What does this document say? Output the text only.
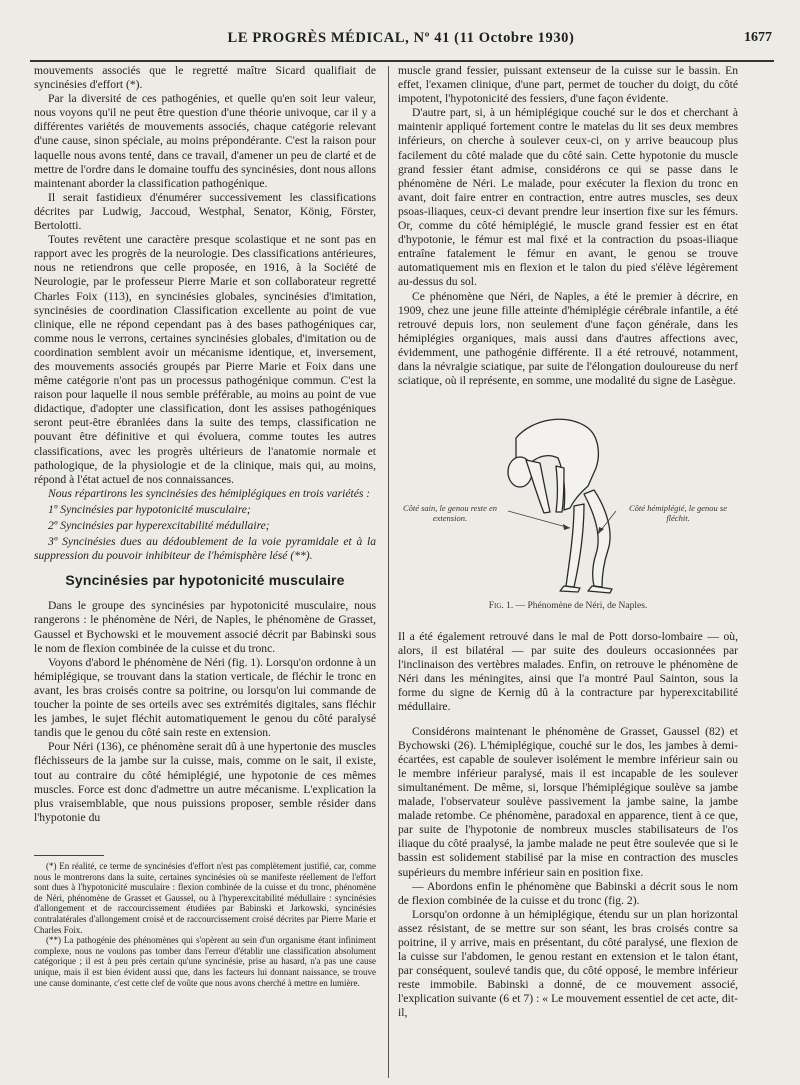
LE PROGRÈS MÉDICAL, Nº 41 (11 Octobre 1930)	1677

mouvements associés que le regretté maître Sicard qualifiait de syncinésies d'effort (*).

Par la diversité de ces pathogénies, et quelle qu'en soit leur valeur, nous voyons qu'il ne peut être question d'une théorie univoque, car il y a différentes variétés de mouvements associés, chaque catégorie relevant d'une cause, sinon spéciale, au moins prépondérante. C'est la raison pour laquelle nous avons tenté, dans ce travail, d'amener un peu de clarté et de mettre de l'ordre dans le domaine touffu des syncinésies, dont nous allons maintenant aborder la classification pathogénique.

Il serait fastidieux d'énumérer successivement les classifications décrites par Ludwig, Jaccoud, Westphal, Senator, König, Förster, Bertolotti.

Toutes revêtent une caractère presque scolastique et ne sont pas en rapport avec les progrès de la neurologie. Des classifications antérieures, nous ne retiendrons que celle proposée, en 1916, à la Société de Neurologie, par le professeur Pierre Marie et son collaborateur regretté Charles Foix (113), en syncinésies globales, syncinésies d'imitation, syncinésies de coordination Classification excellente au point de vue clinique, elle ne répond cependant pas à des bases pathogéniques car, comme nous le verrons, certaines syncinésies globales, d'imitation ou de coordination semblent avoir un mécanisme identique, et, inversement, des mouvements associés groupés par Pierre Marie et Foix dans une même catégorie n'ont pas un processus pathogénique commun. C'est la raison pour laquelle il nous semble préférable, au moins au point de vue didactique, d'adopter une classification, dont les assises pathogéniques seront peut-être ébranlées dans la suite des temps, classification ne pouvant être définitive et qui évoluera, comme toutes les autres classifications, avec les progrès ultérieurs de l'anatomie normale et pathologique, de la physiologie et de la clinique, mais qui, au moins, répond à l'état actuel de nos connaissances.

Nous répartirons les syncinésies des hémiplégiques en trois variétés :

1º Syncinésies par hypotonicité musculaire;

2º Syncinésies par hyperexcitabilité médullaire;

3º Syncinésies dues au dédoublement de la voie pyramidale et à la suppression du pouvoir inhibiteur de l'hémisphère lésé (**).

Syncinésies par hypotonicité musculaire

Dans le groupe des syncinésies par hypotonicité musculaire, nous rangerons : le phénomène de Néri, de Naples, le phénomène de Grasset, Gaussel et Bychowski et le mouvement associé décrit par Babinski sous le nom de flexion combinée de la cuisse et du tronc.

Voyons d'abord le phénomène de Néri (fig. 1). Lorsqu'on ordonne à un hémiplégique, se trouvant dans la station verticale, de fléchir le tronc en avant, les bras croisés contre sa poitrine, ou lorsqu'on lui commande de toucher la pointe de ses orteils avec ses extrémités digitales, sans fléchir les jambes, le sujet fléchit automatiquement le genou du côté paralysé tandis que le genou du côté sain reste en extension.

Pour Néri (136), ce phénomène serait dû à une hypertonie des muscles fléchisseurs de la jambe sur la cuisse, mais, comme on le sait, il existe, tout au contraire du côté hémiplégié, une hypotonie de ces mêmes muscles. Force est donc d'admettre un autre mécanisme. L'explication la plus vraisemblable, que nous puissions proposer, semble résider dans l'hypotonie du

(*) En réalité, ce terme de syncinésies d'effort n'est pas complètement justifié, car, comme nous le montrerons dans la suite, certaines syncinésies où se manifeste réellement de l'effort sont dues à l'hypotonicité musculaire : flexion combinée de la cuisse et du tronc, phénomène de Néri, phénomène de Grasset et Gaussel, ou à l'hyperexcitabilité médullaire : syncinésies d'allongement et de raccourcissement étudiées par Babinski et Jarkowski, syncinésies contralatérales d'allongement croisé et de raccourcissement croisé décrites par Pierre Marie et Charles Foix.

(**) La pathogénie des phénomènes qui s'opèrent au sein d'un organisme étant infiniment complexe, nous ne voulons pas tomber dans l'erreur d'établir une classification absolument catégorique ; il est à peu près certain qu'une syncinésie, prise au hasard, n'a pas une cause unique, mais il est bien évident aussi que, dans les facteurs lui donnant naissance, se trouve une cause dominante, c'est cette clef de voûte que nous avons cherché à mettre en lumière.

muscle grand fessier, puissant extenseur de la cuisse sur le bassin. En effet, l'examen clinique, d'une part, permet de toucher du doigt, du côté impotent, l'hypotonicité des fessiers, d'une façon évidente.

D'autre part, si, à un hémiplégique couché sur le dos et cherchant à maintenir appliqué fortement contre le matelas du lit ses deux membres inférieurs, on cherche à soulever ceux-ci, on y arrive beaucoup plus facilement du côté malade que du côté sain. Cette hypotonie du muscle grand fessier étant admise, considérons ce qui se passe dans le phénomène de Néri. Le malade, pour exécuter la flexion du tronc en avant, doit faire entrer en contraction, entre autres muscles, ses deux psoas-iliaques, ceux-ci devant prendre leur insertion fixe sur les fémurs. Or, comme du côté hémiplégié, le muscle grand fessier est en état d'hypotonie, le fémur est mal fixé et la contraction du psoas-iliaque entraîne fatalement le fémur en avant, le genou se trouve automatiquement mis en flexion et le talon du pied s'élève légèrement au-dessus du sol.

Ce phénomène que Néri, de Naples, a été le premier à décrire, en 1909, chez une jeune fille atteinte d'hémiplégie cérébrale infantile, a été retrouvé depuis lors, non seulement d'une façon générale, dans les hémiplégies organiques, mais aussi dans d'autres affections avec, évidemment, une pathogénie différente. Il a été retrouvé, notamment, dans la névralgie sciatique, par suite de l'élongation douloureuse du nerf sciatique, où il représente, en somme, une modalité du signe de Lasègue.

Côté sain, le genou reste en extension.
Côté hémiplégié, le genou se fléchit.
Fig. 1. — Phénomène de Néri, de Naples.

Il a été également retrouvé dans le mal de Pott dorso-lombaire — où, alors, il est bilatéral — par suite des douleurs occasionnées par l'inclinaison des vertèbres malades. Enfin, on retrouve le phénomène de Néri dans les méningites, ainsi que l'a montré Paul Sainton, sous la forme du signe de Kernig dû à la contracture par hyperexcitabilité médullaire.

Considérons maintenant le phénomène de Grasset, Gaussel (82) et Bychowski (26). L'hémiplégique, couché sur le dos, les jambes à demi-écartées, est capable de soulever isolément le membre inférieur sain ou le membre inférieur paralysé, mais il est incapable de les soulever simultanément. De même, si, lorsque l'hémiplégique soulève sa jambe malade, l'observateur soulève passivement la jambe saine, la jambe malade retombe. Ce phénomène, paradoxal en apparence, tient à ce que, par suite de l'hypotonie de nombreux muscles stabilisateurs de l'os iliaque du côté praalysé, la jambe malade ne peut être soulevée que si le bassin est solidement stabilisé par la mise en contraction des muscles supérieurs du membre inférieur sain en position fixe.

— Abordons enfin le phénomène que Babinski a décrit sous le nom de flexion combinée de la cuisse et du tronc (fig. 2).

Lorsqu'on ordonne à un hémiplégique, étendu sur un plan horizontal assez résistant, de se mettre sur son séant, les bras croisés contre sa poitrine, il y arrive, mais en présentant, du côté paralysé, une flexion de la cuisse sur l'abdomen, le genou restant en extension et le talon étant, par conséquent, soulevé tandis que, du côté opposé, le membre inférieur reste immobile. Babinski a donné, de ce mouvement associé, l'explication suivante (6 et 7) : « Le mouvement essentiel de cet acte, dit-il,
